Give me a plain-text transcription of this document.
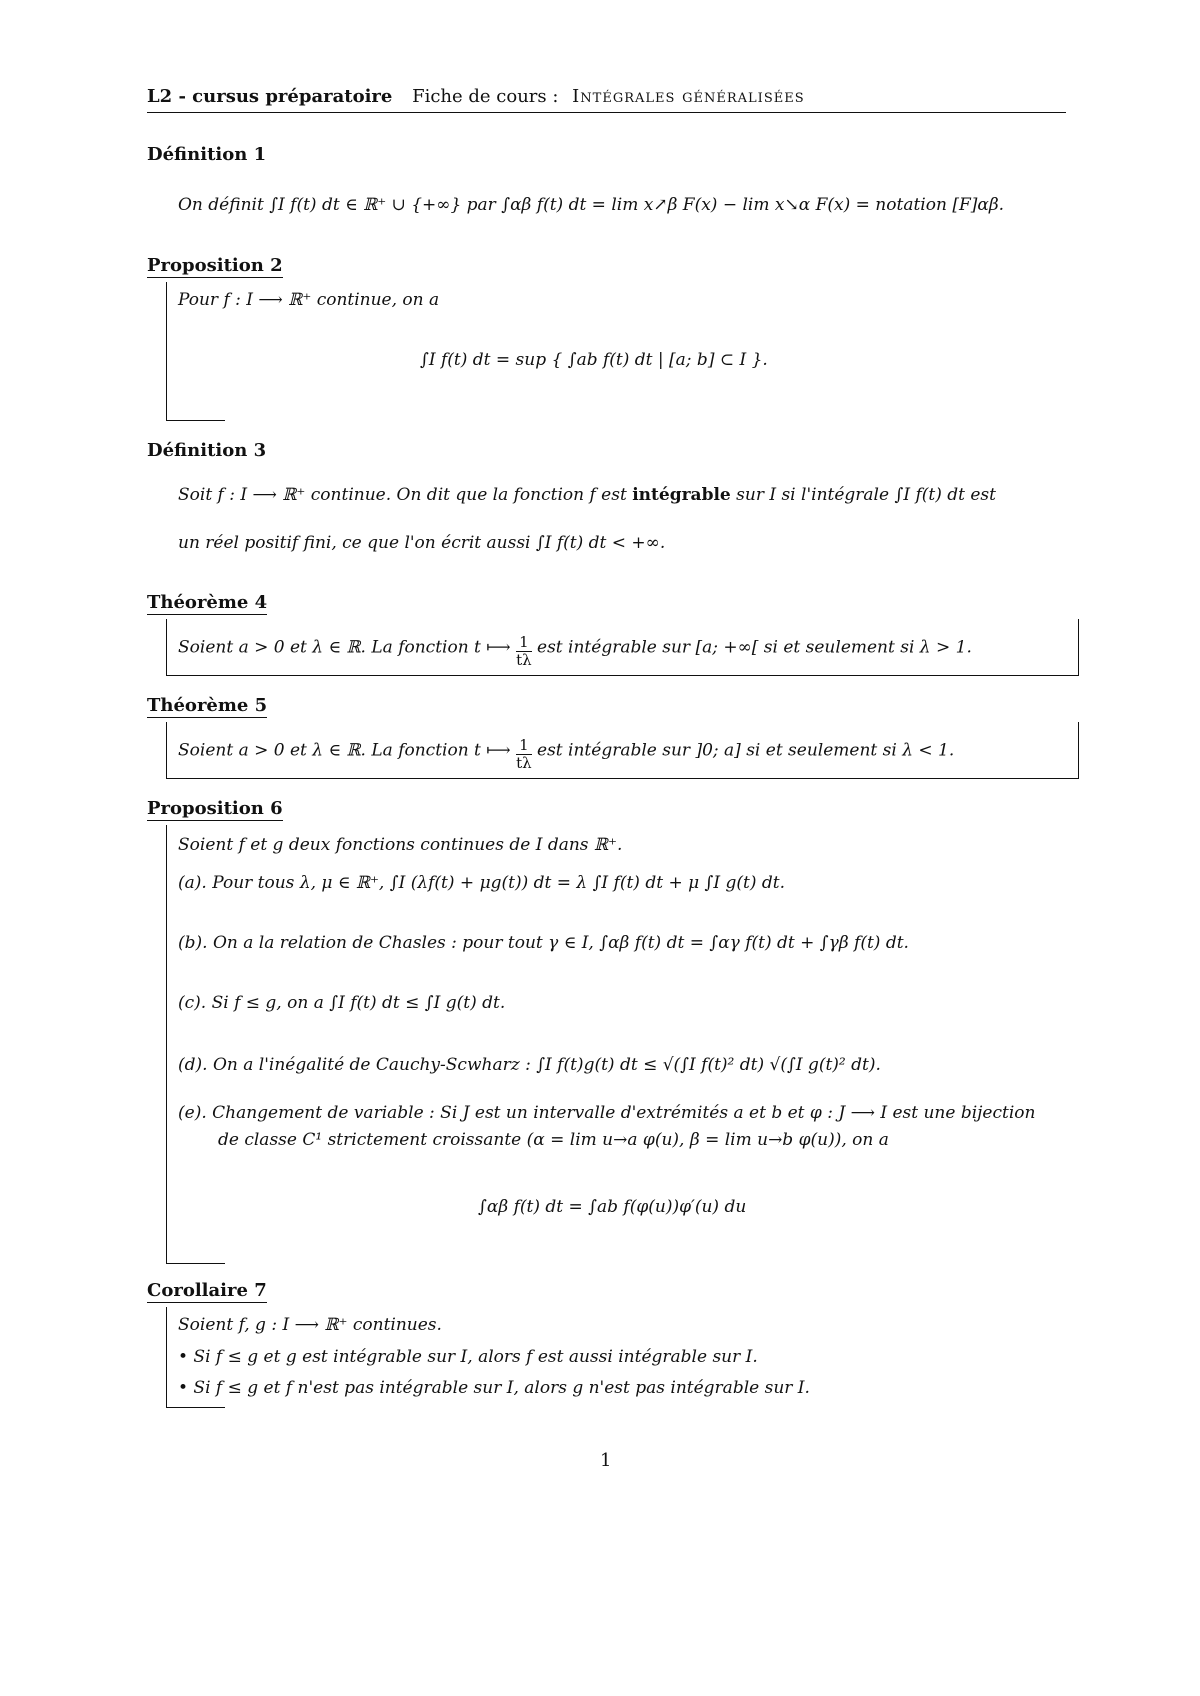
L2 - cursus préparatoire Fiche de cours : Intégrales généralisées
Définition 1
On définit ∫I f(t) dt ∈ ℝ⁺ ∪ {+∞} par ∫αβ f(t) dt = lim x↗β F(x) − lim x↘α F(x) = notation [F]αβ.
Proposition 2
Pour f : I ⟶ ℝ⁺ continue, on a
∫I f(t) dt = sup { ∫ab f(t) dt | [a; b] ⊂ I }.
Définition 3
Soit f : I ⟶ ℝ⁺ continue. On dit que la fonction f est intégrable sur I si l'intégrale ∫I f(t) dt est
un réel positif fini, ce que l'on écrit aussi ∫I f(t) dt < +∞.
Théorème 4
Soient a > 0 et λ ∈ ℝ. La fonction t ⟼ $\frac{1}{t\lambda}$ est intégrable sur [a; +∞[ si et seulement si λ > 1.
Théorème 5
Soient a > 0 et λ ∈ ℝ. La fonction t ⟼ $\frac{1}{t\lambda}$ est intégrable sur ]0; a] si et seulement si λ < 1.
Proposition 6
Soient f et g deux fonctions continues de I dans ℝ⁺.
(a). Pour tous λ, μ ∈ ℝ⁺, ∫I (λf(t) + μg(t)) dt = λ ∫I f(t) dt + μ ∫I g(t) dt.
(b). On a la relation de Chasles : pour tout γ ∈ I, ∫αβ f(t) dt = ∫αγ f(t) dt + ∫γβ f(t) dt.
(c). Si f ≤ g, on a ∫I f(t) dt ≤ ∫I g(t) dt.
(d). On a l'inégalité de Cauchy-Scwharz : ∫I f(t)g(t) dt ≤ √(∫I f(t)² dt) √(∫I g(t)² dt).
(e). Changement de variable : Si J est un intervalle d'extrémités a et b et φ : J ⟶ I est une bijection
de classe C¹ strictement croissante (α = lim u→a φ(u), β = lim u→b φ(u)), on a
∫αβ f(t) dt = ∫ab f(φ(u))φ′(u) du
Corollaire 7
Soient f, g : I ⟶ ℝ⁺ continues.
• Si f ≤ g et g est intégrable sur I, alors f est aussi intégrable sur I.
• Si f ≤ g et f n'est pas intégrable sur I, alors g n'est pas intégrable sur I.
1
